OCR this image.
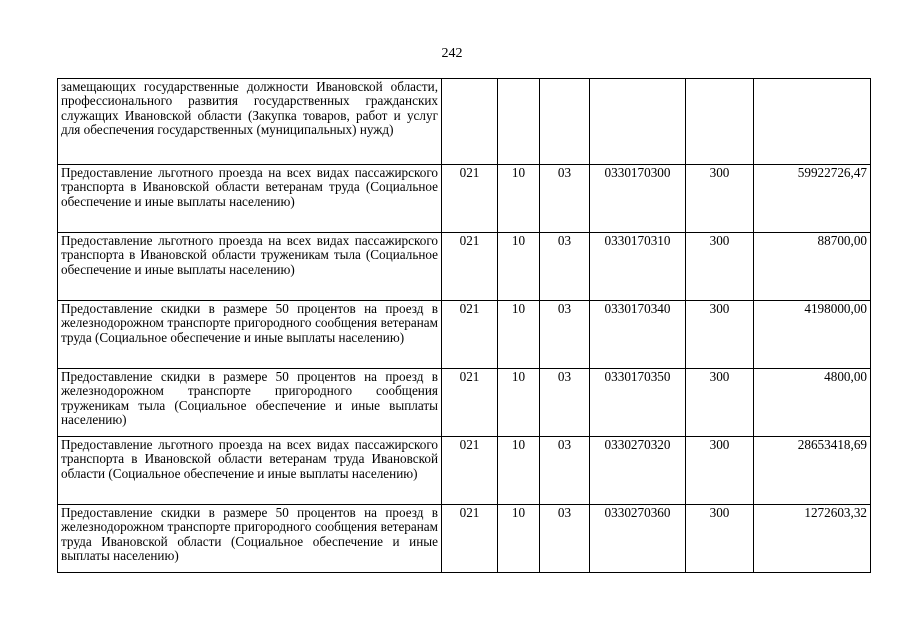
242
замещающих государственные должности Ивановской области, профессионального развития государственных гражданских служащих Ивановской области (Закупка товаров, работ и услуг для обеспечения государственных (муниципальных) нужд)						
Предоставление льготного проезда на всех видах пассажирского транспорта в Ивановской области ветеранам труда (Социальное обеспечение и иные выплаты населению)	021	10	03	0330170300	300	59922726,47
Предоставление льготного проезда на всех видах пассажирского транспорта в Ивановской области труженикам тыла (Социальное обеспечение и иные выплаты населению)	021	10	03	0330170310	300	88700,00
Предоставление скидки в размере 50 процентов на проезд в железнодорожном транспорте пригородного сообщения ветеранам труда (Социальное обеспечение и иные выплаты населению)	021	10	03	0330170340	300	4198000,00
Предоставление скидки в размере 50 процентов на проезд в железнодорожном транспорте пригородного сообщения труженикам тыла (Социальное обеспечение и иные выплаты населению)	021	10	03	0330170350	300	4800,00
Предоставление льготного проезда на всех видах пассажирского транспорта в Ивановской области ветеранам труда Ивановской области (Социальное обеспечение и иные выплаты населению)	021	10	03	0330270320	300	28653418,69
Предоставление скидки в размере 50 процентов на проезд в железнодорожном транспорте пригородного сообщения ветеранам труда Ивановской области (Социальное обеспечение и иные выплаты населению)	021	10	03	0330270360	300	1272603,32
